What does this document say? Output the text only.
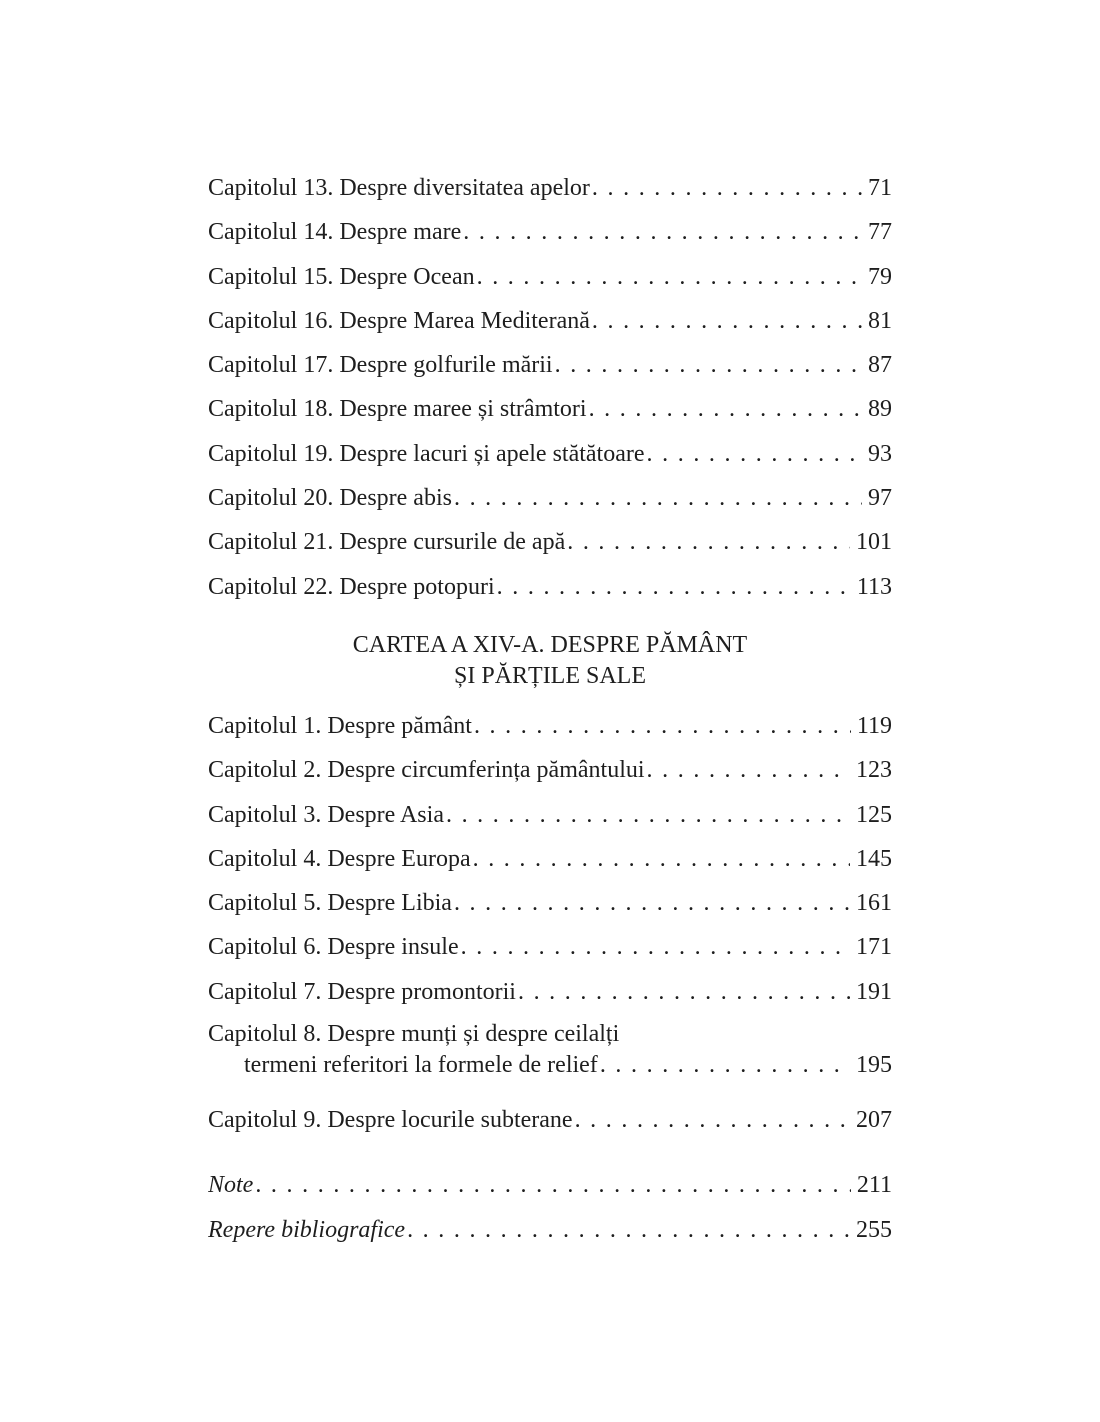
Capitolul 13. Despre diversitatea apelor . . .	71
Capitolul 14. Despre mare . . .	77
Capitolul 15. Despre Ocean . . .	79
Capitolul 16. Despre Marea Mediterană . . .	81
Capitolul 17. Despre golfurile mării . . .	87
Capitolul 18. Despre maree și strâmtori . . .	89
Capitolul 19. Despre lacuri și apele stătătoare . . .	93
Capitolul 20. Despre abis . . .	97
Capitolul 21. Despre cursurile de apă . . .	101
Capitolul 22. Despre potopuri . . .	113
CARTEA A XIV-A. DESPRE PĂMÂNT
ȘI PĂRȚILE SALE
Capitolul 1. Despre pământ . . .	119
Capitolul 2. Despre circumferința pământului . . .	123
Capitolul 3. Despre Asia . . .	125
Capitolul 4. Despre Europa . . .	145
Capitolul 5. Despre Libia . . .	161
Capitolul 6. Despre insule . . .	171
Capitolul 7. Despre promontorii . . .	191
Capitolul 8. Despre munți și despre ceilalți
termeni referitori la formele de relief . . .	195
Capitolul 9. Despre locurile subterane . . .	207
Note . . .	211
Repere bibliografice . . .	255
